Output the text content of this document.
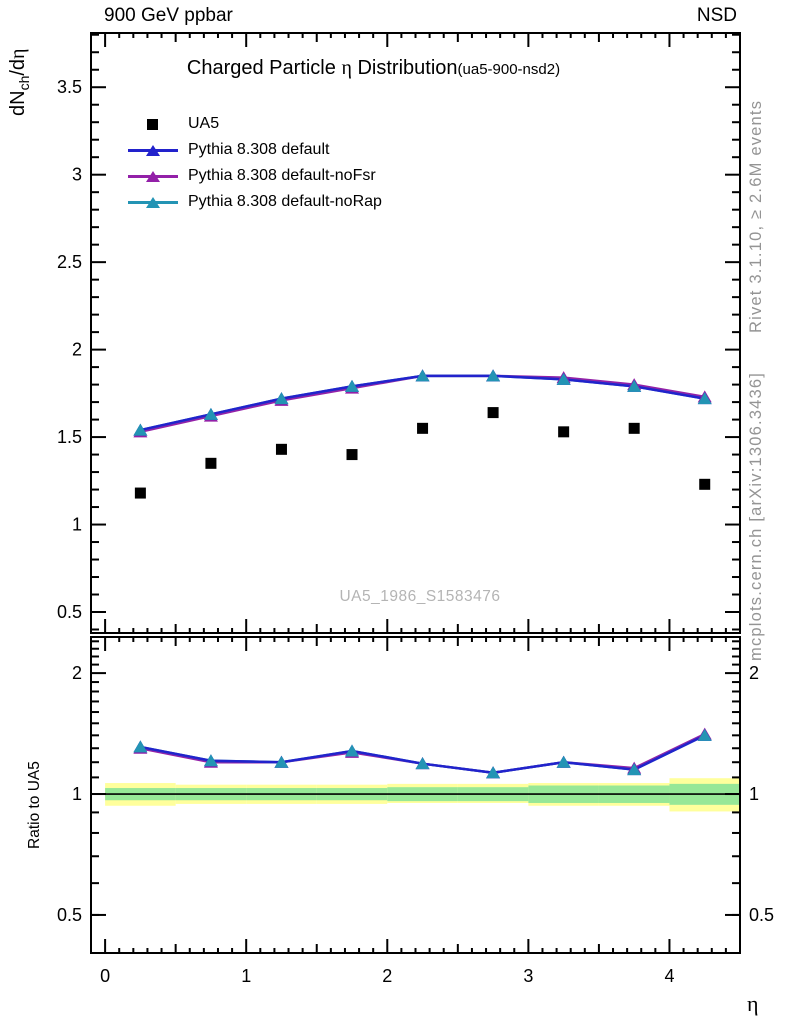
0.5
1
1.5
2
2.5
3
3.5
0.5	0.5
1	1
2	2
0	1	2	3	4
900 GeV ppbar	NSD
Charged Particle η Distribution(ua5-900-nsd2)
UA5
Pythia 8.308 default
Pythia 8.308 default-noFsr
Pythia 8.308 default-noRap
UA5_1986_S1583476
$dN_{ch}/d\eta$
Ratio to UA5
Rivet 3.1.10, ≥ 2.6M events
mcplots.cern.ch [arXiv:1306.3436]
η
